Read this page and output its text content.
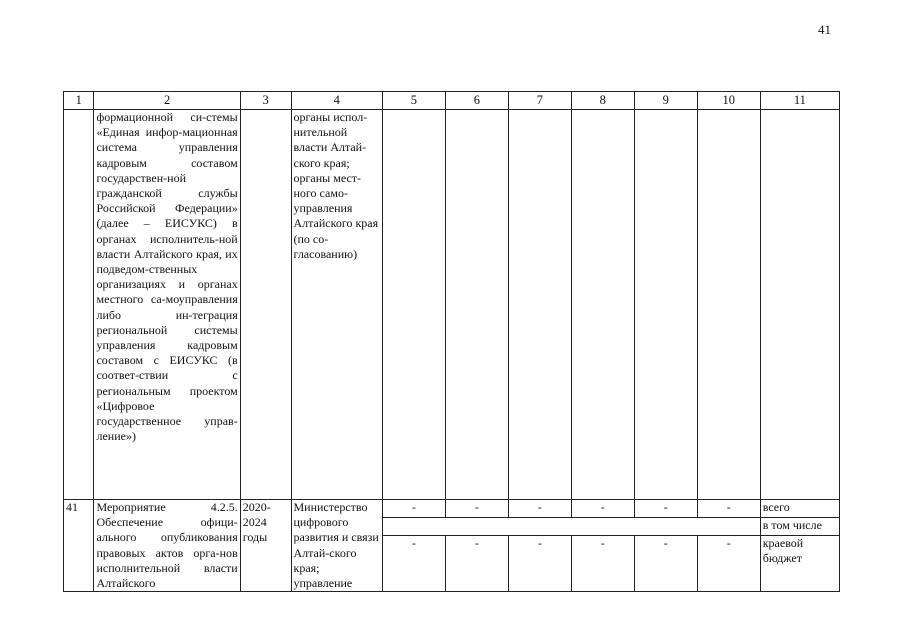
41
1	2	3	4	5	6	7	8	9	10	11
	формационной си-стемы «Единая инфор-мационная система управления кадровым составом государствен-ной гражданской службы Российской Федерации» (далее – ЕИСУКС) в органах исполнитель-ной власти Алтайского края, их подведом-ственных организациях и органах местного са-моуправления либо ин-теграция региональной системы управления кадровым составом с ЕИСУКС (в соответ-ствии с региональным проектом «Цифровое государственное управ-ление»)		органы испол-нительной власти Алтай-ского края; органы мест-ного само-управления Алтайского края (по со-гласованию)							
41	Мероприятие 4.2.5. Обеспечение офици-ального опубликования правовых актов орга-нов исполнительной власти Алтайского	2020-2024 годы	Министерство цифрового развития и связи Алтай-ского края; управление	-	-	-	-	-	-	всего
										в том числе
				-	-	-	-	-	-	краевой бюджет
